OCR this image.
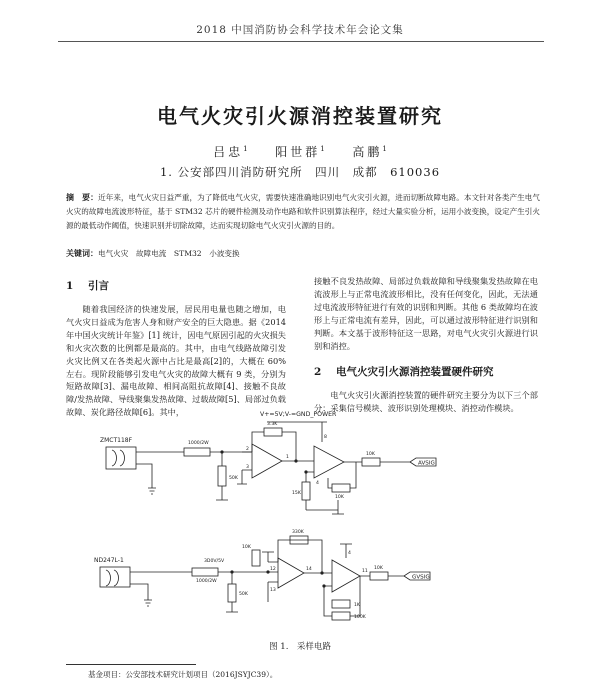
2018 中国消防协会科学技术年会论文集
电气火灾引火源消控装置研究
吕忠$^1$ 阳世群$^1$ 高鹏$^1$
1. 公安部四川消防研究所　四川　成都　610036
摘　要：近年来，电气火灾日益严重，为了降低电气火灾，需要快速准确地识别电气火灾引火源，进而切断故障电路。本文针对各类产生电气火灾的故障电流波形特征，基于 STM32 芯片的硬件检测及动作电路和软件识别算法程序，经过大量实验分析，运用小波变换，设定产生引火源的最低动作阈值，快速识别并切除故障，达而实现切除电气火灾引火源的目的。
关键词：电气火灾　故障电流　STM32　小波变换
1 引言

随着我国经济的快速发展，居民用电量也随之增加，电气火灾日益成为危害人身和财产安全的巨大隐患。据《2014 年中国火灾统计年鉴》[1] 统计，因电气原因引起的火灾损失和火灾次数的比例都是最高的。其中，由电气线路故障引发火灾比例又在各类起火源中占比是最高[2]的，大概在 60% 左右。现阶段能够引发电气火灾的故障大概有 9 类，分别为短路故障[3]、漏电故障、相间高阻抗故障[4]、接触不良故障/发热故障、导线聚集发热故障、过载故障[5]、局部过负载故障、炭化路径故障[6]。其中，

接触不良发热故障、局部过负载故障和导线聚集发热故障在电流波形上与正常电流波形相比，没有任何变化，因此，无法通过电流波形特征进行有效的识别和判断。其他 6 类故障均在波形上与正常电流有差异，因此，可以通过波形特征进行识别和判断。本文基于波形特征这一思路，对电气火灾引火源进行识别和消控。

2 电气火灾引火源消控装置硬件研究

电气火灾引火源消控装置的硬件研究主要分为以下三个部分：采集信号模块、波形识别处理模块、消控动作模块。

ZMCT118F
V+=5V;V-=GND_POWER
1000/2W
50K
3.3K
15K
10K
10K
AVSIG
2
3
8
1
4
ND247L-1	3D0V/5V
1000/2W
50K
10K
330K
1K
100K
10K
GVSIG
12
13
14
4
11
图 1.　采样电路
基金项目：公安部技术研究计划项目（2016JSYJC39）。
